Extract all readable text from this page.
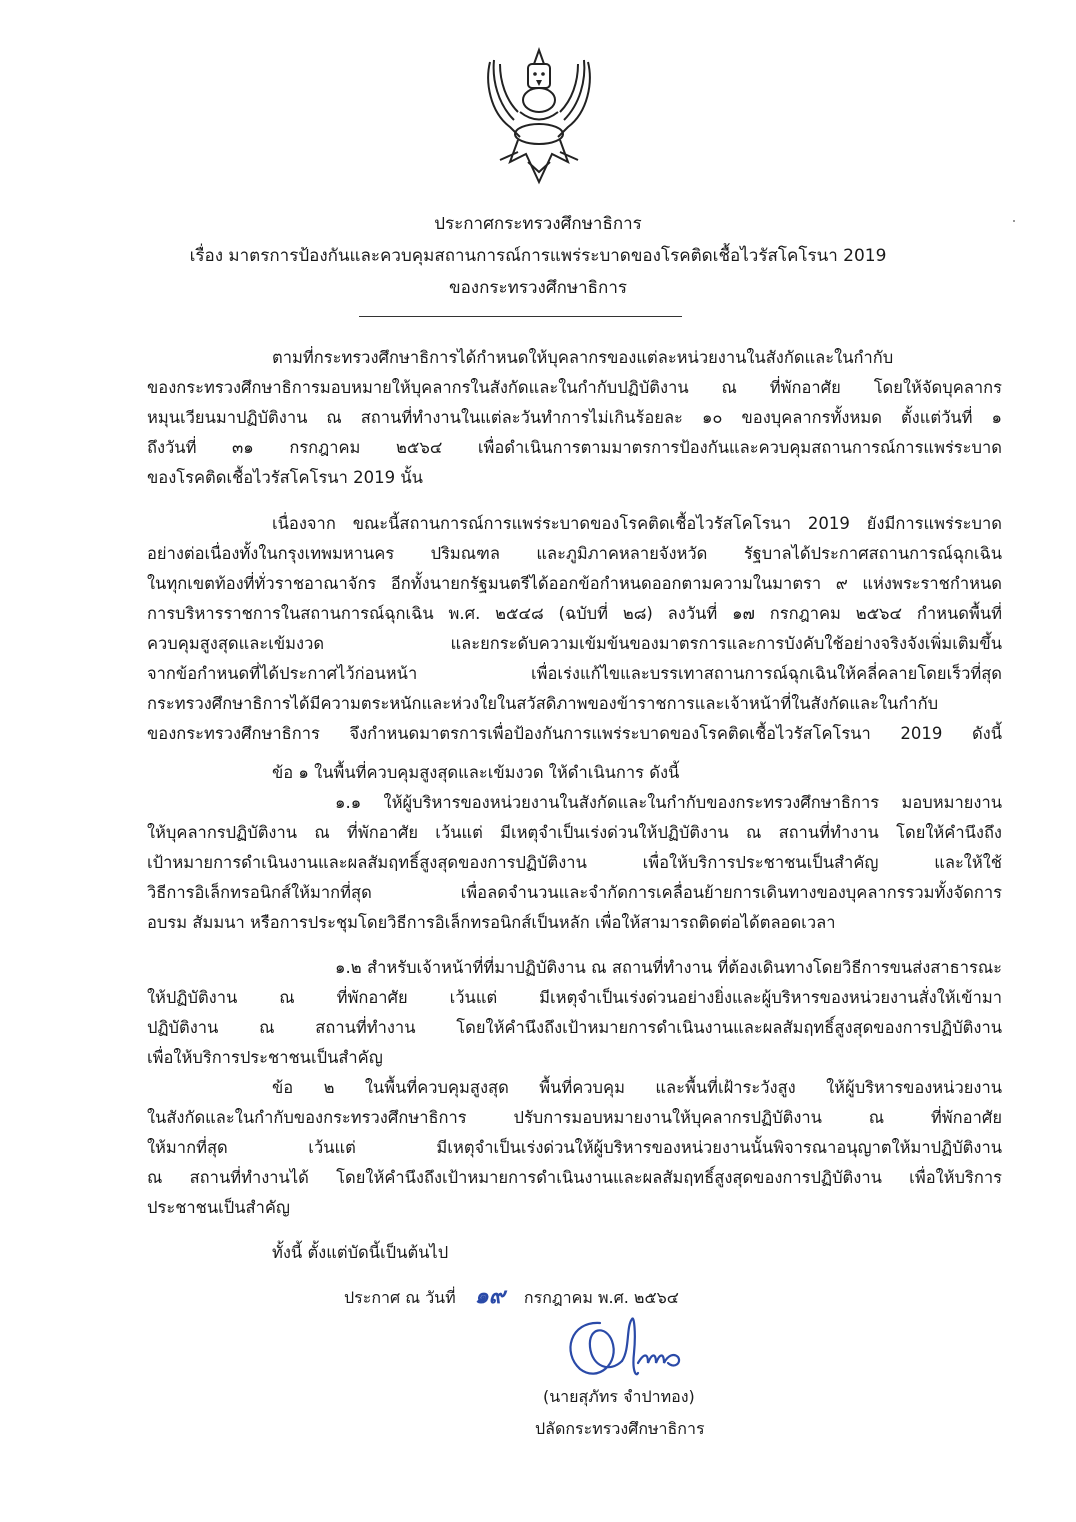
ประกาศกระทรวงศึกษาธิการ
เรื่อง มาตรการป้องกันและควบคุมสถานการณ์การแพร่ระบาดของโรคติดเชื้อไวรัสโคโรนา 2019
ของกระทรวงศึกษาธิการ
ตามที่กระทรวงศึกษาธิการได้กำหนดให้บุคลากรของแต่ละหน่วยงานในสังกัดและในกำกับ
ของกระทรวงศึกษาธิการมอบหมายให้บุคลากรในสังกัดและในกำกับปฏิบัติงาน ณ ที่พักอาศัย โดยให้จัดบุคลากร
หมุนเวียนมาปฏิบัติงาน ณ สถานที่ทำงานในแต่ละวันทำการไม่เกินร้อยละ ๑๐ ของบุคลากรทั้งหมด ตั้งแต่วันที่ ๑
ถึงวันที่ ๓๑ กรกฎาคม ๒๕๖๔ เพื่อดำเนินการตามมาตรการป้องกันและควบคุมสถานการณ์การแพร่ระบาด
ของโรคติดเชื้อไวรัสโคโรนา 2019 นั้น
เนื่องจาก ขณะนี้สถานการณ์การแพร่ระบาดของโรคติดเชื้อไวรัสโคโรนา 2019 ยังมีการแพร่ระบาด
อย่างต่อเนื่องทั้งในกรุงเทพมหานคร ปริมณฑล และภูมิภาคหลายจังหวัด รัฐบาลได้ประกาศสถานการณ์ฉุกเฉิน
ในทุกเขตท้องที่ทั่วราชอาณาจักร อีกทั้งนายกรัฐมนตรีได้ออกข้อกำหนดออกตามความในมาตรา ๙ แห่งพระราชกำหนด
การบริหารราชการในสถานการณ์ฉุกเฉิน พ.ศ. ๒๕๔๘ (ฉบับที่ ๒๘) ลงวันที่ ๑๗ กรกฎาคม ๒๕๖๔ กำหนดพื้นที่
ควบคุมสูงสุดและเข้มงวด และยกระดับความเข้มข้นของมาตรการและการบังคับใช้อย่างจริงจังเพิ่มเติมขึ้น
จากข้อกำหนดที่ได้ประกาศไว้ก่อนหน้า เพื่อเร่งแก้ไขและบรรเทาสถานการณ์ฉุกเฉินให้คลี่คลายโดยเร็วที่สุด
กระทรวงศึกษาธิการได้มีความตระหนักและห่วงใยในสวัสดิภาพของข้าราชการและเจ้าหน้าที่ในสังกัดและในกำกับ
ของกระทรวงศึกษาธิการ จึงกำหนดมาตรการเพื่อป้องกันการแพร่ระบาดของโรคติดเชื้อไวรัสโคโรนา 2019 ดังนี้
ข้อ ๑ ในพื้นที่ควบคุมสูงสุดและเข้มงวด ให้ดำเนินการ ดังนี้
๑.๑ ให้ผู้บริหารของหน่วยงานในสังกัดและในกำกับของกระทรวงศึกษาธิการ มอบหมายงาน
ให้บุคลากรปฏิบัติงาน ณ ที่พักอาศัย เว้นแต่ มีเหตุจำเป็นเร่งด่วนให้ปฏิบัติงาน ณ สถานที่ทำงาน โดยให้คำนึงถึง
เป้าหมายการดำเนินงานและผลสัมฤทธิ์สูงสุดของการปฏิบัติงาน เพื่อให้บริการประชาชนเป็นสำคัญ และให้ใช้
วิธีการอิเล็กทรอนิกส์ให้มากที่สุด เพื่อลดจำนวนและจำกัดการเคลื่อนย้ายการเดินทางของบุคลากรรวมทั้งจัดการ
อบรม สัมมนา หรือการประชุมโดยวิธีการอิเล็กทรอนิกส์เป็นหลัก เพื่อให้สามารถติดต่อได้ตลอดเวลา
๑.๒ สำหรับเจ้าหน้าที่ที่มาปฏิบัติงาน ณ สถานที่ทำงาน ที่ต้องเดินทางโดยวิธีการขนส่งสาธารณะ
ให้ปฏิบัติงาน ณ ที่พักอาศัย เว้นแต่ มีเหตุจำเป็นเร่งด่วนอย่างยิ่งและผู้บริหารของหน่วยงานสั่งให้เข้ามา
ปฏิบัติงาน ณ สถานที่ทำงาน โดยให้คำนึงถึงเป้าหมายการดำเนินงานและผลสัมฤทธิ์สูงสุดของการปฏิบัติงาน
เพื่อให้บริการประชาชนเป็นสำคัญ
ข้อ ๒ ในพื้นที่ควบคุมสูงสุด พื้นที่ควบคุม และพื้นที่เฝ้าระวังสูง ให้ผู้บริหารของหน่วยงาน
ในสังกัดและในกำกับของกระทรวงศึกษาธิการ ปรับการมอบหมายงานให้บุคลากรปฏิบัติงาน ณ ที่พักอาศัย
ให้มากที่สุด เว้นแต่ มีเหตุจำเป็นเร่งด่วนให้ผู้บริหารของหน่วยงานนั้นพิจารณาอนุญาตให้มาปฏิบัติงาน
ณ สถานที่ทำงานได้ โดยให้คำนึงถึงเป้าหมายการดำเนินงานและผลสัมฤทธิ์สูงสุดของการปฏิบัติงาน เพื่อให้บริการ
ประชาชนเป็นสำคัญ
ทั้งนี้ ตั้งแต่บัดนี้เป็นต้นไป
ประกาศ ณ วันที่ ๑๙ กรกฎาคม พ.ศ. ๒๕๖๔
(นายสุภัทร จำปาทอง)
ปลัดกระทรวงศึกษาธิการ
